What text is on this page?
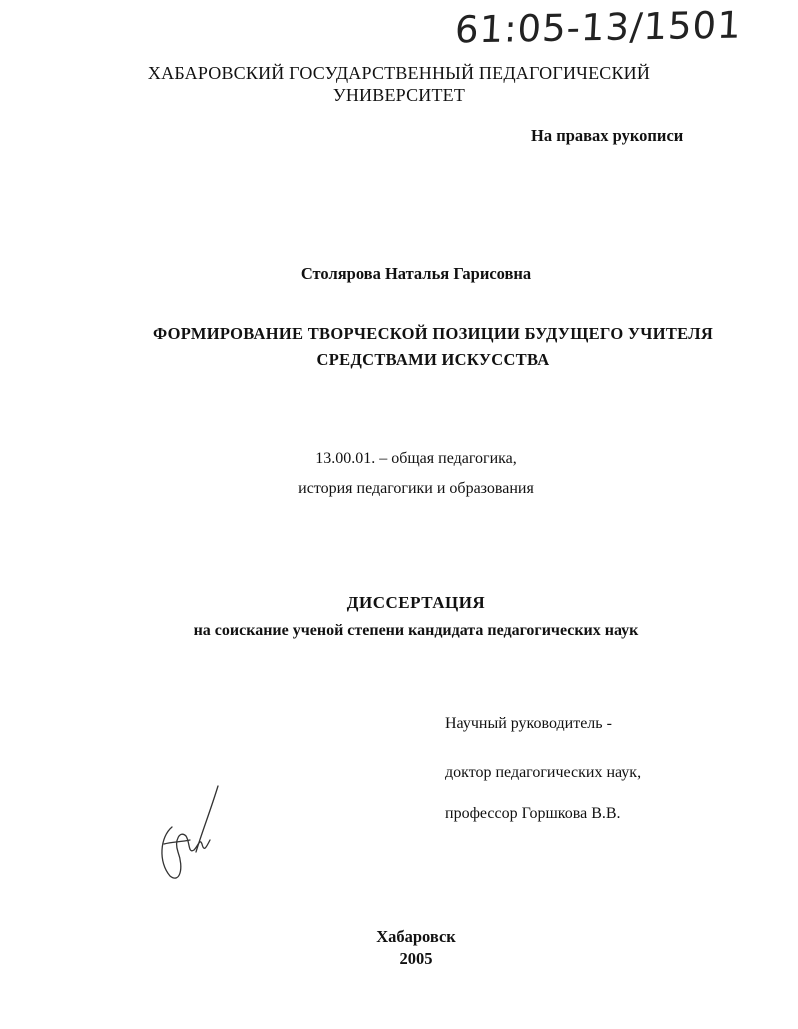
61:05-13/1501
ХАБАРОВСКИЙ ГОСУДАРСТВЕННЫЙ ПЕДАГОГИЧЕСКИЙ
УНИВЕРСИТЕТ
На правах рукописи
Столярова Наталья Гарисовна
ФОРМИРОВАНИЕ ТВОРЧЕСКОЙ ПОЗИЦИИ БУДУЩЕГО УЧИТЕЛЯ
СРЕДСТВАМИ ИСКУССТВА
13.00.01. – общая педагогика,
история педагогики и образования
ДИССЕРТАЦИЯ
на соискание ученой степени кандидата педагогических наук
Научный руководитель -
доктор педагогических наук,
профессор Горшкова В.В.
Хабаровск
2005
